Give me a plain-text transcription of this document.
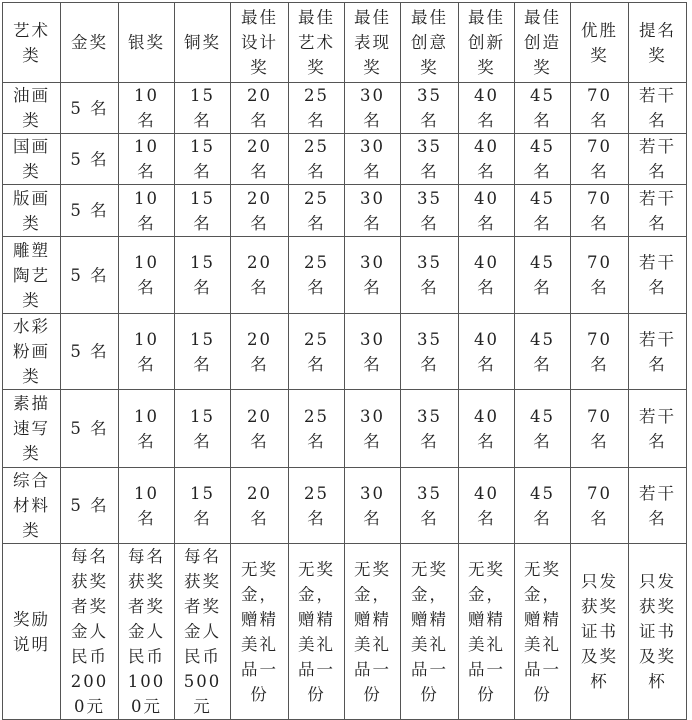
艺术类	金奖	银奖	铜奖	最佳设计奖	最佳艺术奖	最佳表现奖	最佳创意奖	最佳创新奖	最佳创造奖	优胜奖	提名奖
油画类	5 名	10名	15名	20名	25名	30名	35名	40名	45名	70名	若干名
国画类	5 名	10名	15名	20名	25名	30名	35名	40名	45名	70名	若干名
版画类	5 名	10名	15名	20名	25名	30名	35名	40名	45名	70名	若干名
雕塑陶艺类	5 名	10名	15名	20名	25名	30名	35名	40名	45名	70名	若干名
水彩粉画类	5 名	10名	15名	20名	25名	30名	35名	40名	45名	70名	若干名
素描速写类	5 名	10名	15名	20名	25名	30名	35名	40名	45名	70名	若干名
综合材料类	5 名	10名	15名	20名	25名	30名	35名	40名	45名	70名	若干名
奖励说明	每名获奖者奖金人民币2000元	每名获奖者奖金人民币1000元	每名获奖者奖金人民币500元	无奖金，赠精美礼品一份	无奖金，赠精美礼品一份	无奖金，赠精美礼品一份	无奖金，赠精美礼品一份	无奖金，赠精美礼品一份	无奖金，赠精美礼品一份	只发获奖证书及奖杯	只发获奖证书及奖杯
